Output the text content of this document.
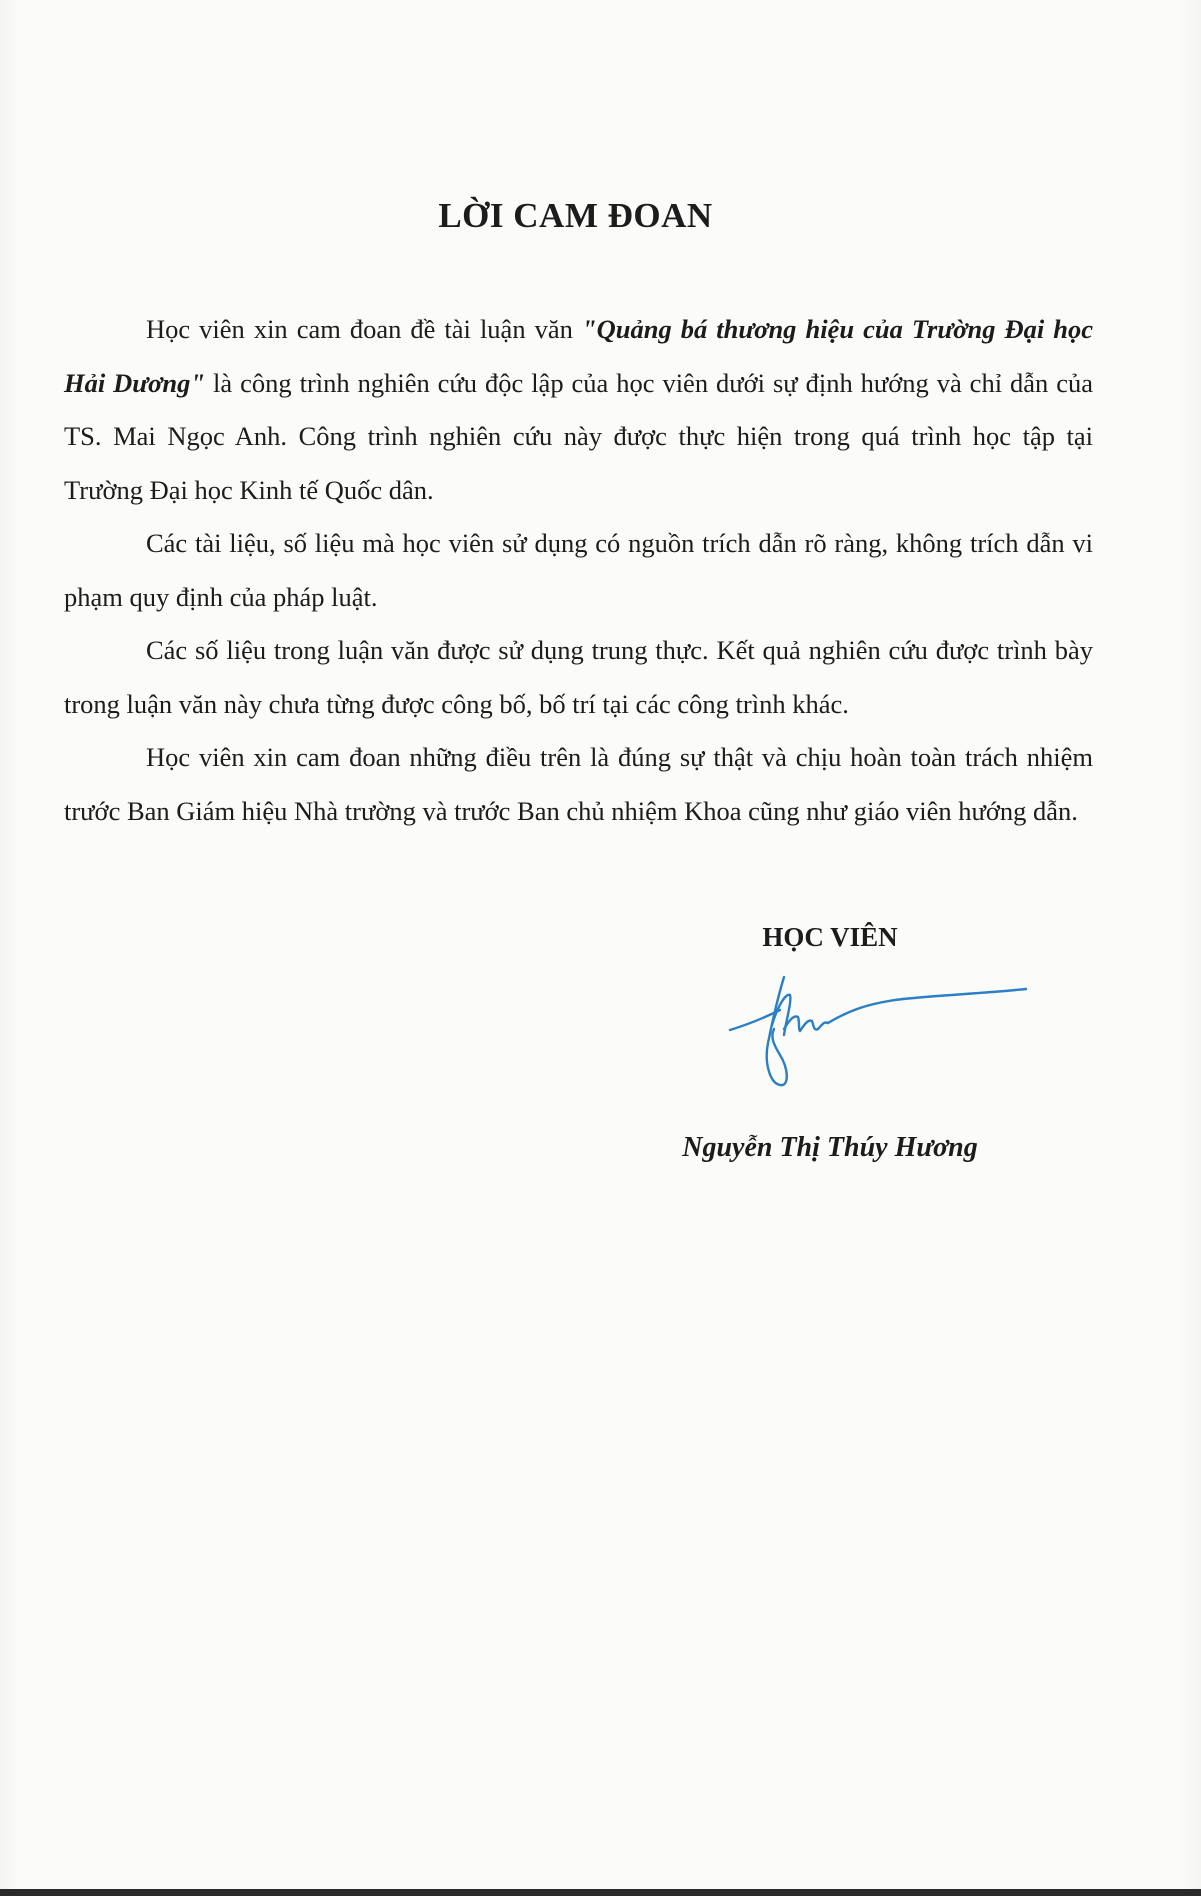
LỜI CAM ĐOAN

Học viên xin cam đoan đề tài luận văn "Quảng bá thương hiệu của Trường Đại học Hải Dương" là công trình nghiên cứu độc lập của học viên dưới sự định hướng và chỉ dẫn của TS. Mai Ngọc Anh. Công trình nghiên cứu này được thực hiện trong quá trình học tập tại Trường Đại học Kinh tế Quốc dân.

Các tài liệu, số liệu mà học viên sử dụng có nguồn trích dẫn rõ ràng, không trích dẫn vi phạm quy định của pháp luật.

Các số liệu trong luận văn được sử dụng trung thực. Kết quả nghiên cứu được trình bày trong luận văn này chưa từng được công bố, bố trí tại các công trình khác.

Học viên xin cam đoan những điều trên là đúng sự thật và chịu hoàn toàn trách nhiệm trước Ban Giám hiệu Nhà trường và trước Ban chủ nhiệm Khoa cũng như giáo viên hướng dẫn.

HỌC VIÊN
Nguyễn Thị Thúy Hương
